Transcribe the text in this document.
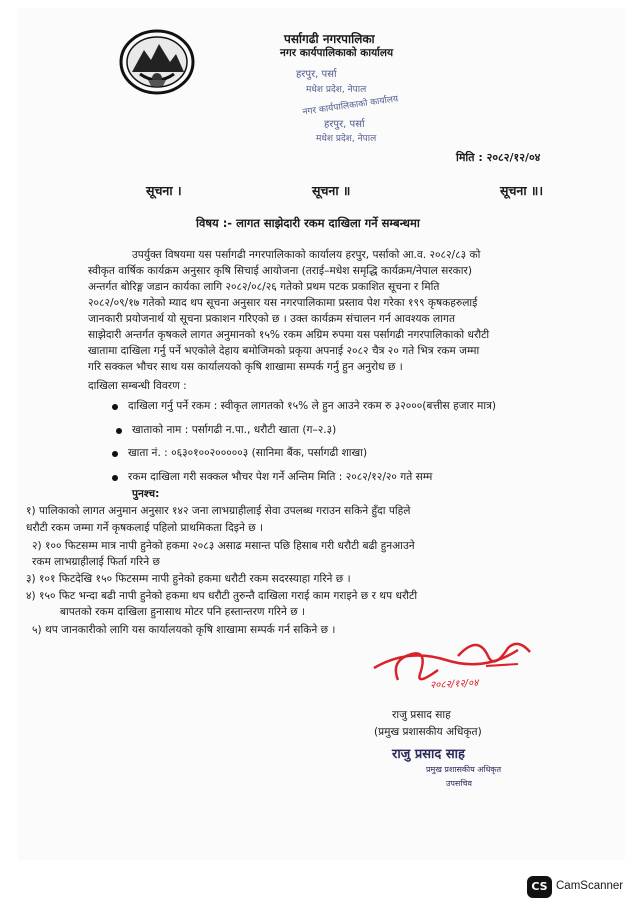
पर्सागढी नगरपालिका
नगर कार्यपालिकाको कार्यालय
हरपुर, पर्सा
मधेश प्रदेश, नेपाल
नगर कार्यपालिकाको कार्यालय
हरपुर, पर्सा
मधेश प्रदेश, नेपाल
मिति : २०८२/१२/०४
सूचना ।	सूचना ॥	सूचना ॥।
विषय :- लागत साझेदारी रकम दाखिला गर्ने सम्बन्धमा
उपर्युक्त विषयमा यस पर्सागढी नगरपालिकाको कार्यालय हरपुर, पर्साको आ.व. २०८२/८३ को
स्वीकृत वार्षिक कार्यक्रम अनुसार कृषि सिचाई आयोजना (तराई–मधेश समृद्धि कार्यक्रम/नेपाल सरकार)
अन्तर्गत बोरिङ्ग जडान कार्यका लागि २०८२/०८/२६ गतेको प्रथम पटक प्रकाशित सूचना र मिति
२०८२/०९/१७ गतेको म्याद थप सूचना अनुसार यस नगरपालिकामा प्रस्ताव पेश गरेका १९९ कृषकहरुलाई
जानकारी प्रयोजनार्थ यो सूचना प्रकाशन गरिएको छ । उक्त कार्यक्रम संचालन गर्न आवश्यक लागत
साझेदारी अन्तर्गत कृषकले लागत अनुमानको १५% रकम अग्रिम रुपमा यस पर्सागढी नगरपालिकाको धरौटी
खातामा दाखिला गर्नु पर्ने भएकोले देहाय बमोजिमको प्रकृया अपनाई २०८२ चैत्र २० गते भित्र रकम जम्मा
गरि सक्कल भौचर साथ यस कार्यालयको कृषि शाखामा सम्पर्क गर्नु हुन अनुरोध छ ।
दाखिला सम्बन्धी विवरण :
दाखिला गर्नु पर्ने रकम : स्वीकृत लागतको १५% ले हुन आउने रकम रु ३२०००(बत्तीस हजार मात्र)
खाताको नाम : पर्सागढी न.पा., धरौटी खाता (ग–२.३)
खाता नं. : ०६३०१००२०००००३ (सानिमा बैंक, पर्सागढी शाखा)
रकम दाखिला गरी सक्कल भौचर पेश गर्ने अन्तिम मिति : २०८२/१२/२० गते सम्म
पुनश्च:
१) पालिकाको लागत अनुमान अनुसार १४२ जना लाभग्राहीलाई सेवा उपलब्ध गराउन सकिने हुँदा पहिले
धरौटी रकम जम्मा गर्ने कृषकलाई पहिलो प्राथमिकता दिइने छ ।
२) १०० फिटसम्म मात्र नापी हुनेको हकमा २०८३ असाढ मसान्त पछि हिसाब गरी धरौटी बढी हुनआउने
रकम लाभग्राहीलाई फिर्ता गरिने छ
३) १०१ फिटदेखि १५० फिटसम्म नापी हुनेको हकमा धरौटी रकम सदरस्याहा गरिने छ ।
४) १५० फिट भन्दा बढी नापी हुनेको हकमा थप धरौटी तुरुन्तै दाखिला गराई काम गराइने छ र थप धरौटी
बापतको रकम दाखिला हुनासाथ मोटर पनि हस्तान्तरण गरिने छ ।
५) थप जानकारीको लागि यस कार्यालयको कृषि शाखामा सम्पर्क गर्न सकिने छ ।
२०८२/१२/०४
राजु प्रसाद साह
(प्रमुख प्रशासकीय अधिकृत)
राजु प्रसाद साह
प्रमुख प्रशासकीय अधिकृत
उपसचिव
CS CamScanner
